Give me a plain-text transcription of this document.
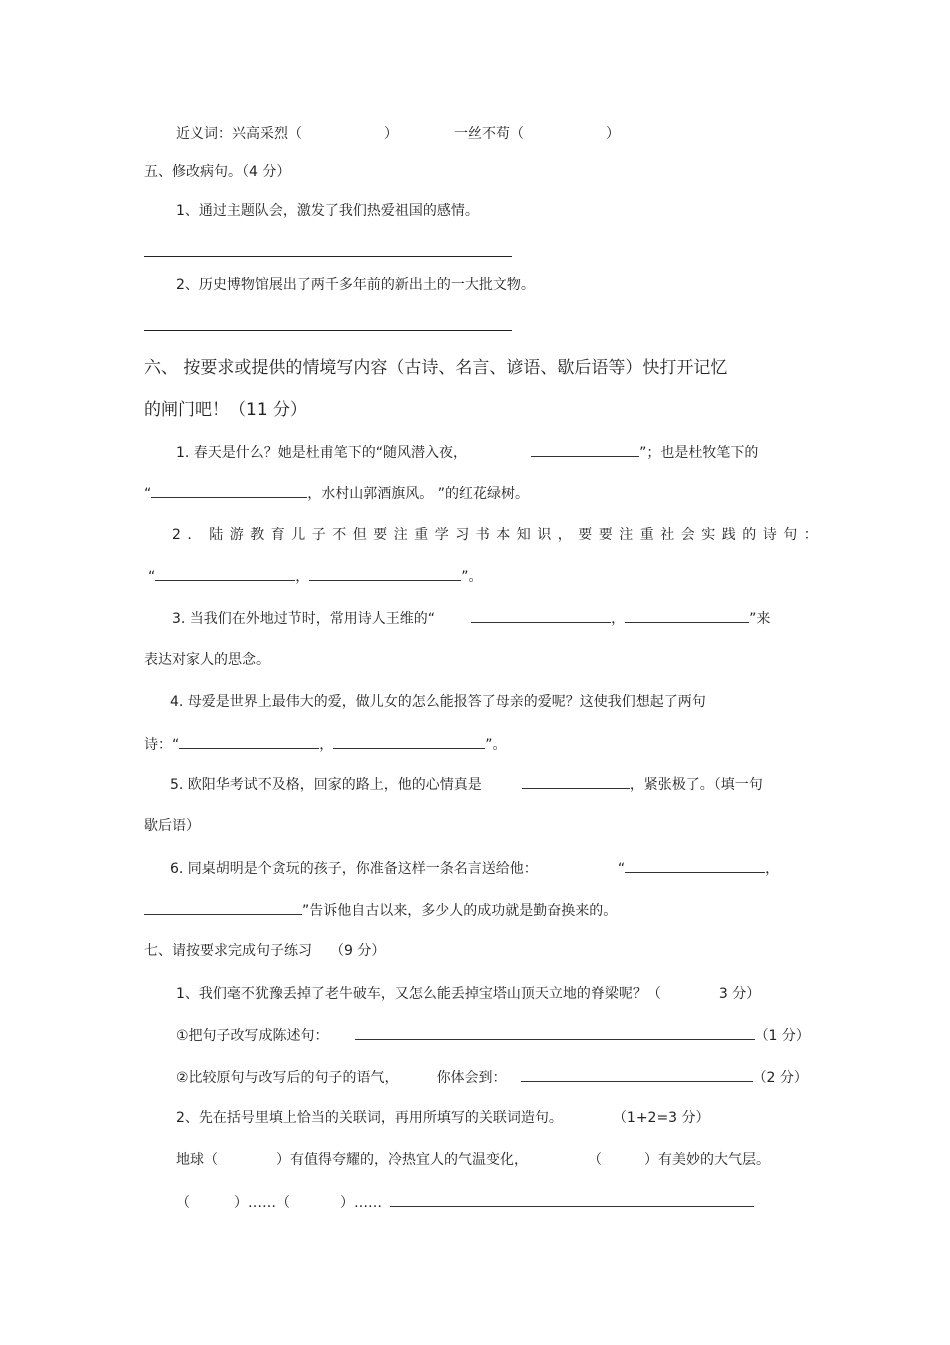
近义词：兴高采烈（	）	一丝不苟（	）
五、修改病句。（4 分）
1、通过主题队会，激发了我们热爱祖国的感情。
2、历史博物馆展出了两千多年前的新出土的一大批文物。
六、 按要求或提供的情境写内容（古诗、名言、谚语、歇后语等）快打开记忆
的闸门吧！（11 分）
1. 春天是什么？她是杜甫笔下的“随风潜入夜，	”；也是杜牧笔下的
“	，水村山郭酒旗风。 ”的红花绿树。
2. 陆游教育儿子不但要注重学习书本知识，要要注重社会实践的诗句：
“	，	”。
3. 当我们在外地过节时，常用诗人王维的“	，	”来
表达对家人的思念。
4. 母爱是世界上最伟大的爱，做儿女的怎么能报答了母亲的爱呢？这使我们想起了两句
诗：“	，	”。
5. 欧阳华考试不及格，回家的路上，他的心情真是	，紧张极了。（填一句
歇后语）
6. 同桌胡明是个贪玩的孩子，你准备这样一条名言送给他：	“	，
”告诉他自古以来，多少人的成功就是勤奋换来的。
七、请按要求完成句子练习 （9 分）
1、我们毫不犹豫丢掉了老牛破车，又怎么能丢掉宝塔山顶天立地的脊梁呢？（	3 分）
①把句子改写成陈述句：	（1 分）
②比较原句与改写后的句子的语气，	你体会到：	（2 分）
2、先在括号里填上恰当的关联词，再用所填写的关联词造句。	（1+2=3 分）
地球（	）有值得夸耀的，冷热宜人的气温变化，	（	）有美妙的大气层。
（	）……（	）……
